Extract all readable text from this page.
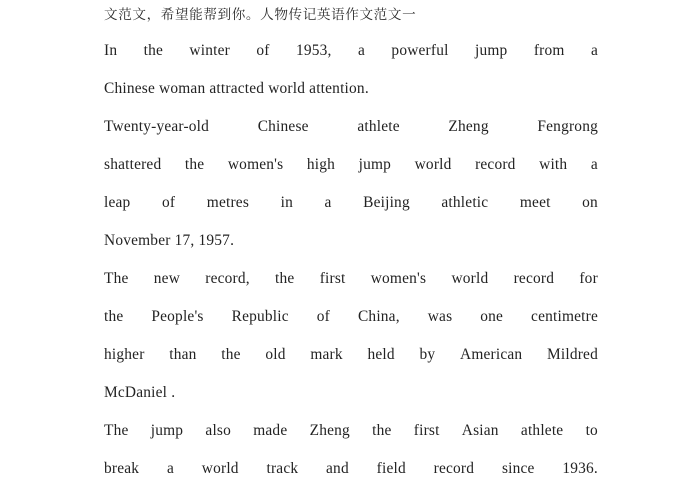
文范文，希望能帮到你。人物传记英语作文范文一
In the winter of 1953, a powerful jump from a
Chinese woman attracted world attention.
Twenty-year-old	Chinese	athlete	Zheng	Fengrong
shattered the women's high jump world record with a
leap of metres in a Beijing athletic meet on
November 17, 1957.
The new record, the first women's world record for
the People's Republic of China, was one centimetre
higher than the old mark held by American Mildred
McDaniel .
The jump also made Zheng the first Asian athlete to
break a world track and field record since 1936.
